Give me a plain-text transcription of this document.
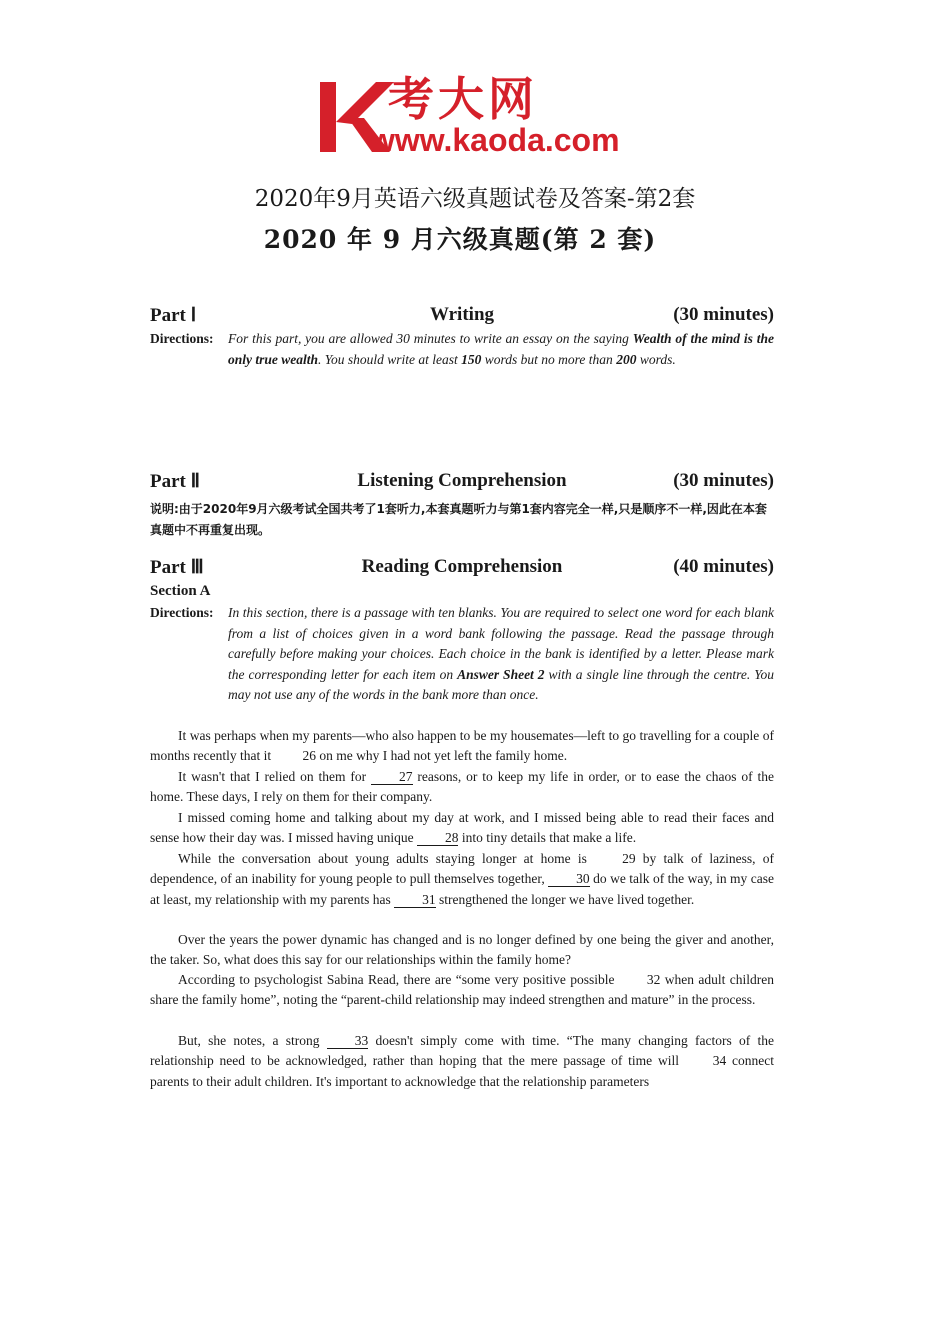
考大网
www.kaoda.com
2020年9月英语六级真题试卷及答案-第2套
2020 年 9 月六级真题(第 2 套)
Writing
Part Ⅰ	(30 minutes)
Directions: For this part, you are allowed 30 minutes to write an essay on the saying Wealth of the mind is the only true wealth. You should write at least 150 words but no more than 200 words.
Listening Comprehension
Part Ⅱ	(30 minutes)
说明:由于2020年9月六级考试全国共考了1套听力,本套真题听力与第1套内容完全一样,只是顺序不一样,因此在本套真题中不再重复出现。
Reading Comprehension
Part Ⅲ	(40 minutes)
Section A
Directions: In this section, there is a passage with ten blanks. You are required to select one word for each blank from a list of choices given in a word bank following the passage. Read the passage through carefully before making your choices. Each choice in the bank is identified by a letter. Please mark the corresponding letter for each item on Answer Sheet 2 with a single line through the centre. You may not use any of the words in the bank more than once.
It was perhaps when my parents—who also happen to be my housemates—left to go travelling for a couple of months recently that it 26 on me why I had not yet left the family home.
It wasn't that I relied on them for 27 reasons, or to keep my life in order, or to ease the chaos of the home. These days, I rely on them for their company.
I missed coming home and talking about my day at work, and I missed being able to read their faces and sense how their day was. I missed having unique 28 into tiny details that make a life.
While the conversation about young adults staying longer at home is 29 by talk of laziness, of dependence, of an inability for young people to pull themselves together, 30 do we talk of the way, in my case at least, my relationship with my parents has 31 strengthened the longer we have lived together.
Over the years the power dynamic has changed and is no longer defined by one being the giver and another, the taker. So, what does this say for our relationships within the family home?
According to psychologist Sabina Read, there are “some very positive possible 32 when adult children share the family home”, noting the “parent-child relationship may indeed strengthen and mature” in the process.
But, she notes, a strong 33 doesn't simply come with time. “The many changing factors of the relationship need to be acknowledged, rather than hoping that the mere passage of time will 34 connect parents to their adult children. It's important to acknowledge that the relationship parameters
